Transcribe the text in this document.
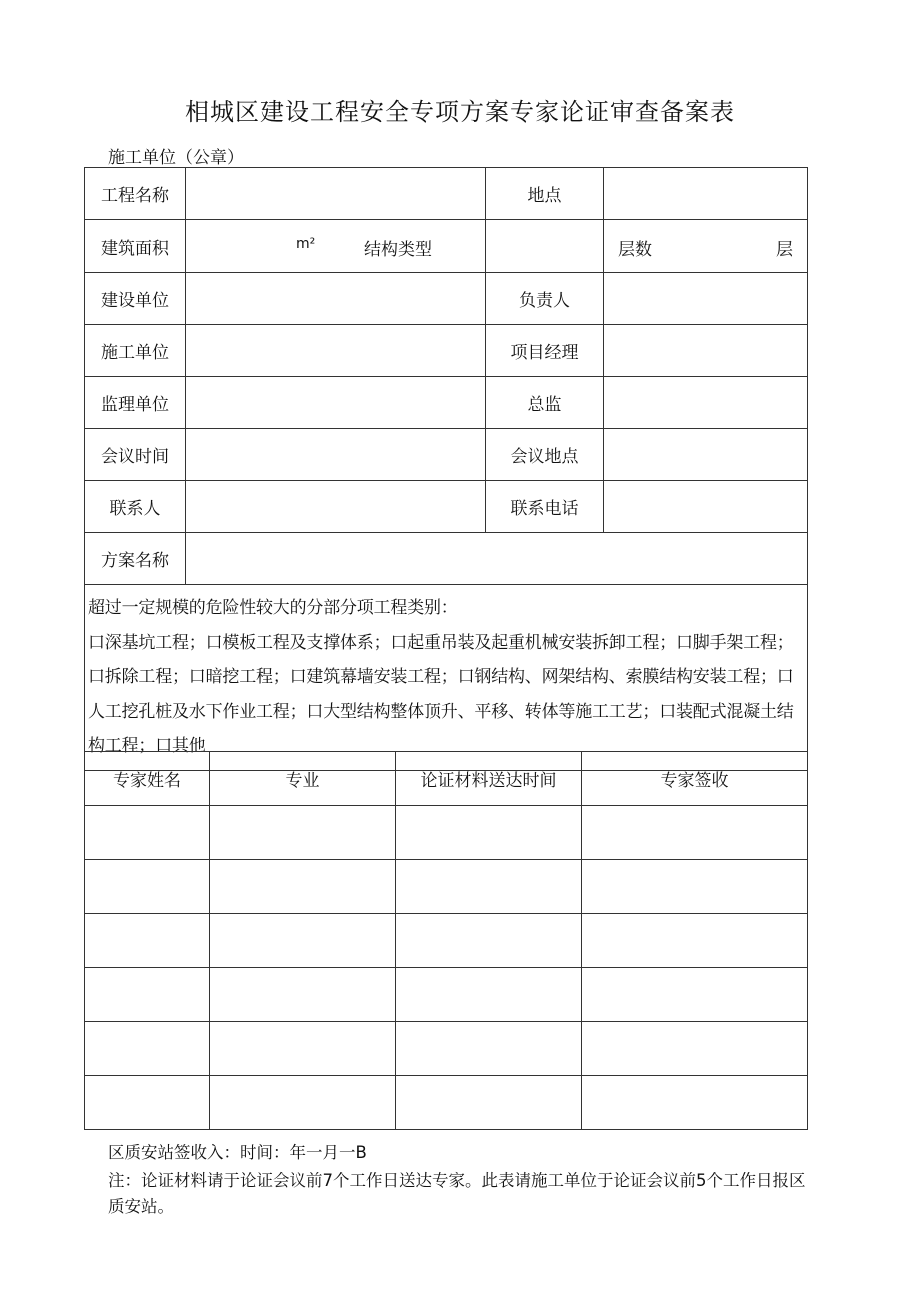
相城区建设工程安全专项方案专家论证审查备案表
施工单位（公章）
工程名称		地点	
建筑面积	m² 结构类型		层数 层

建设单位		负责人	
施工单位		项目经理	
监理单位		总监	
会议时间		会议地点	
联系人		联系电话	
方案名称			

超过一定规模的危险性较大的分部分项工程类别：
口深基坑工程；口模板工程及支撑体系；口起重吊装及起重机械安装拆卸工程；口脚手架工程；口拆除工程；口暗挖工程；口建筑幕墙安装工程；口钢结构、网架结构、索膜结构安装工程；口人工挖孔桩及水下作业工程；口大型结构整体顶升、平移、转体等施工工艺；口装配式混凝土结构工程；口其他			
专家姓名	专业	论证材料送达时间	专家签收

区质安站签收入：时间：年一月一B
注：论证材料请于论证会议前7个工作日送达专家。此表请施工单位于论证会议前5个工作日报区质安站。
